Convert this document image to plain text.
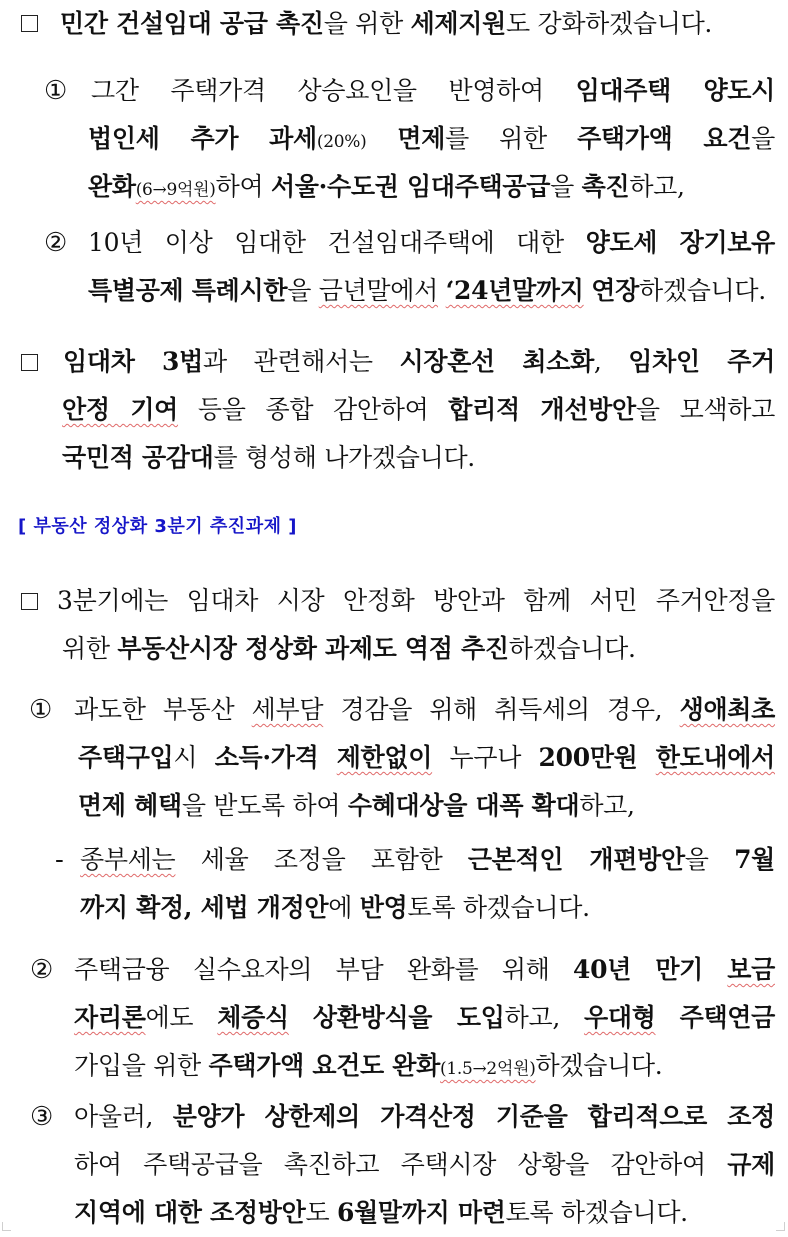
민간 건설임대 공급 촉진을 위한 세제지원도 강화하겠습니다.
① 그간 주택가격 상승요인을 반영하여 임대주택 양도시
법인세 추가 과세(20%) 면제를 위한 주택가액 요건을
완화(6→9억원)하여 서울·수도권 임대주택공급을 촉진하고,
② 10년 이상 임대한 건설임대주택에 대한 양도세 장기보유
특별공제 특례시한을 금년말에서 ‘24년말까지 연장하겠습니다.
임대차 3법과 관련해서는 시장혼선 최소화, 임차인 주거
안정 기여 등을 종합 감안하여 합리적 개선방안을 모색하고
국민적 공감대를 형성해 나가겠습니다.
[ 부동산 정상화 3분기 추진과제 ]
3분기에는 임대차 시장 안정화 방안과 함께 서민 주거안정을
위한 부동산시장 정상화 과제도 역점 추진하겠습니다.
① 과도한 부동산 세부담 경감을 위해 취득세의 경우, 생애최초
주택구입시 소득·가격 제한없이 누구나 200만원 한도내에서
면제 혜택을 받도록 하여 수혜대상을 대폭 확대하고,
- 종부세는 세율 조정을 포함한 근본적인 개편방안을 7월
까지 확정, 세법 개정안에 반영토록 하겠습니다.
② 주택금융 실수요자의 부담 완화를 위해 40년 만기 보금
자리론에도 체증식 상환방식을 도입하고, 우대형 주택연금
가입을 위한 주택가액 요건도 완화(1.5→2억원)하겠습니다.
③ 아울러, 분양가 상한제의 가격산정 기준을 합리적으로 조정
하여 주택공급을 촉진하고 주택시장 상황을 감안하여 규제
지역에 대한 조정방안도 6월말까지 마련토록 하겠습니다.
